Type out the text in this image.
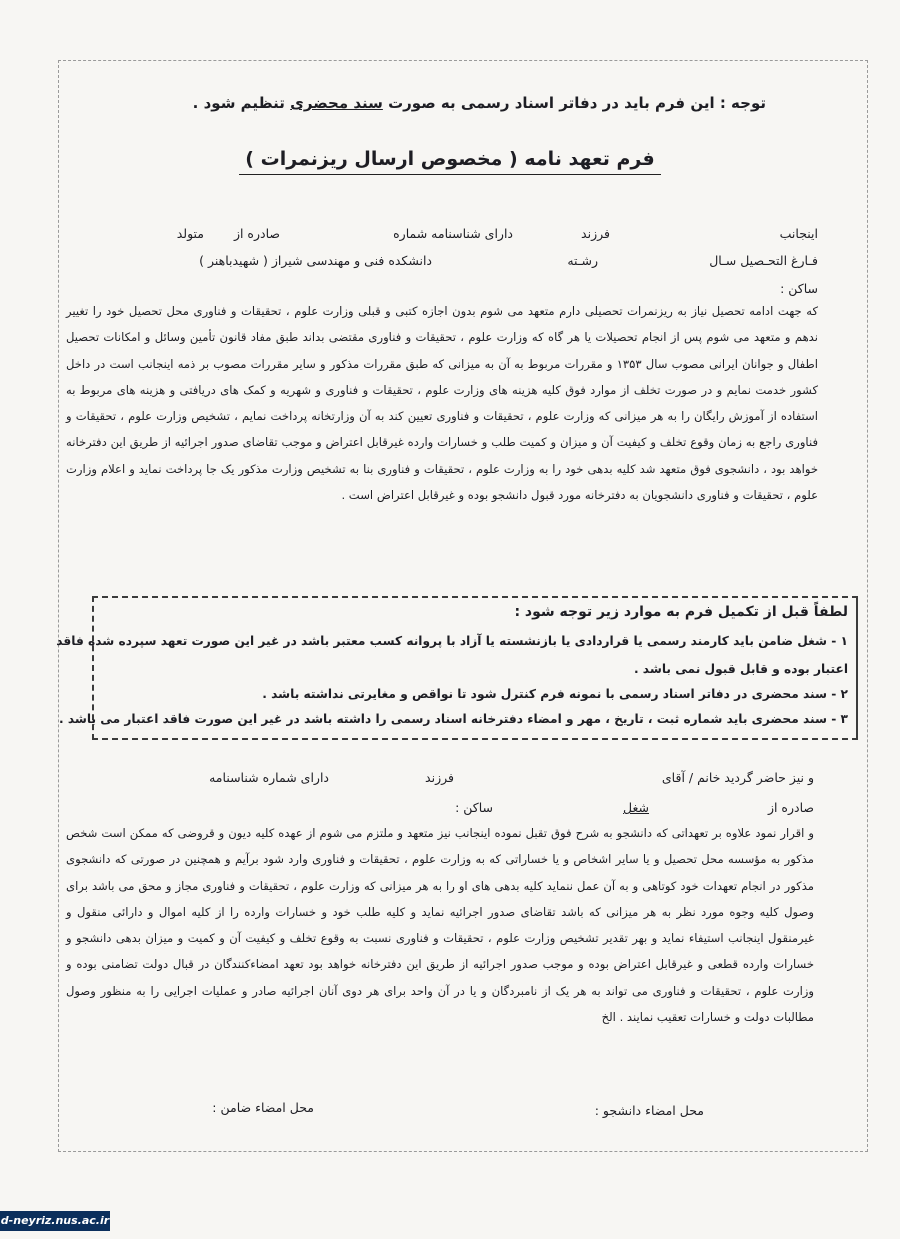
توجه : این فرم باید در دفاتر اسناد رسمی به صورت سند محضری تنظیم شود .
فرم تعهد نامه ( مخصوص ارسال ریزنمرات )
اینجانب
فرزند
دارای شناسنامه شماره
صادره از
متولد
فـارغ التحـصیل سـال
رشـته
دانشکده فنی و مهندسی شیراز ( شهیدباهنر )
ساکن :
که جهت ادامه تحصیل نیاز به ریزنمرات تحصیلی دارم متعهد می شوم بدون اجازه کتبی و قبلی وزارت علوم ، تحقیقات و فناوری محل تحصیل خود را تغییر ندهم و متعهد می شوم پس از انجام تحصیلات یا هر گاه که وزارت علوم ، تحقیقات و فناوری مقتضی بداند طبق مفاد قانون تأمین وسائل و امکانات تحصیل اطفال و جوانان ایرانی مصوب سال ۱۳۵۳ و مقررات مربوط به آن به میزانی که طبق مقررات مذکور و سایر مقررات مصوب بر ذمه اینجانب است در داخل کشور خدمت نمایم و در صورت تخلف از موارد فوق کلیه هزینه های وزارت علوم ، تحقیقات و فناوری و شهریه و کمک های دریافتی و هزینه های مربوط به استفاده از آموزش رایگان را به هر میزانی که وزارت علوم ، تحقیقات و فناوری تعیین کند به آن وزارتخانه پرداخت نمایم ، تشخیص وزارت علوم ، تحقیقات و فناوری راجع به زمان وقوع تخلف و کیفیت آن و میزان و کمیت طلب و خسارات وارده غیرقابل اعتراض و موجب تقاضای صدور اجرائیه از طریق این دفترخانه خواهد بود ، دانشجوی فوق متعهد شد کلیه بدهی خود را به وزارت علوم ، تحقیقات و فناوری بنا به تشخیص وزارت مذکور یک جا پرداخت نماید و اعلام وزارت علوم ، تحقیقات و فناوری دانشجویان به دفترخانه مورد قبول دانشجو بوده و غیرقابل اعتراض است .
لطفاً قبل از تکمیل فرم به موارد زیر توجه شود :
۱ - شغل ضامن باید کارمند رسمی یا قراردادی یا بازنشسته یا آزاد با پروانه کسب معتبر باشد در غیر این صورت تعهد سپرده شده فاقد
اعتبار بوده و قابل قبول نمی باشد .
۲ - سند محضری در دفاتر اسناد رسمی با نمونه فرم کنترل شود تا نواقص و مغایرتی نداشته باشد .
۳ - سند محضری باید شماره ثبت ، تاریخ ، مهر و امضاء دفترخانه اسناد رسمی را داشته باشد در غیر این صورت فاقد اعتبار می باشد .
و نیز حاضر گردید خانم / آقای
فرزند
دارای شماره شناسنامه
صادره از
شغل
ساکن :
و اقرار نمود علاوه بر تعهداتی که دانشجو به شرح فوق تقبل نموده اینجانب نیز متعهد و ملتزم می شوم از عهده کلیه دیون و قروضی که ممکن است شخص مذکور به مؤسسه محل تحصیل و یا سایر اشخاص و یا خساراتی که به وزارت علوم ، تحقیقات و فناوری وارد شود برآیم و همچنین در صورتی که دانشجوی مذکور در انجام تعهدات خود کوتاهی و به آن عمل ننماید کلیه بدهی های او را به هر میزانی که وزارت علوم ، تحقیقات و فناوری مجاز و محق می باشد برای وصول کلیه وجوه مورد نظر به هر میزانی که باشد تقاضای صدور اجرائیه نماید و کلیه طلب خود و خسارات وارده را از کلیه اموال و دارائی منقول و غیرمنقول اینجانب استیفاء نماید و بهر تقدیر تشخیص وزارت علوم ، تحقیقات و فناوری نسبت به وقوع تخلف و کیفیت آن و کمیت و میزان بدهی دانشجو و خسارات وارده قطعی و غیرقابل اعتراض بوده و موجب صدور اجرائیه از طریق این دفترخانه خواهد بود تعهد امضاءکنندگان در قبال دولت تضامنی بوده و وزارت علوم ، تحقیقات و فناوری می تواند به هر یک از نامبردگان و یا در آن واحد برای هر دوی آنان اجرائیه صادر و عملیات اجرایی را به منظور وصول مطالبات دولت و خسارات تعقیب نمایند . الخ
محل امضاء دانشجو :
محل امضاء ضامن :
d-neyriz.nus.ac.ir
